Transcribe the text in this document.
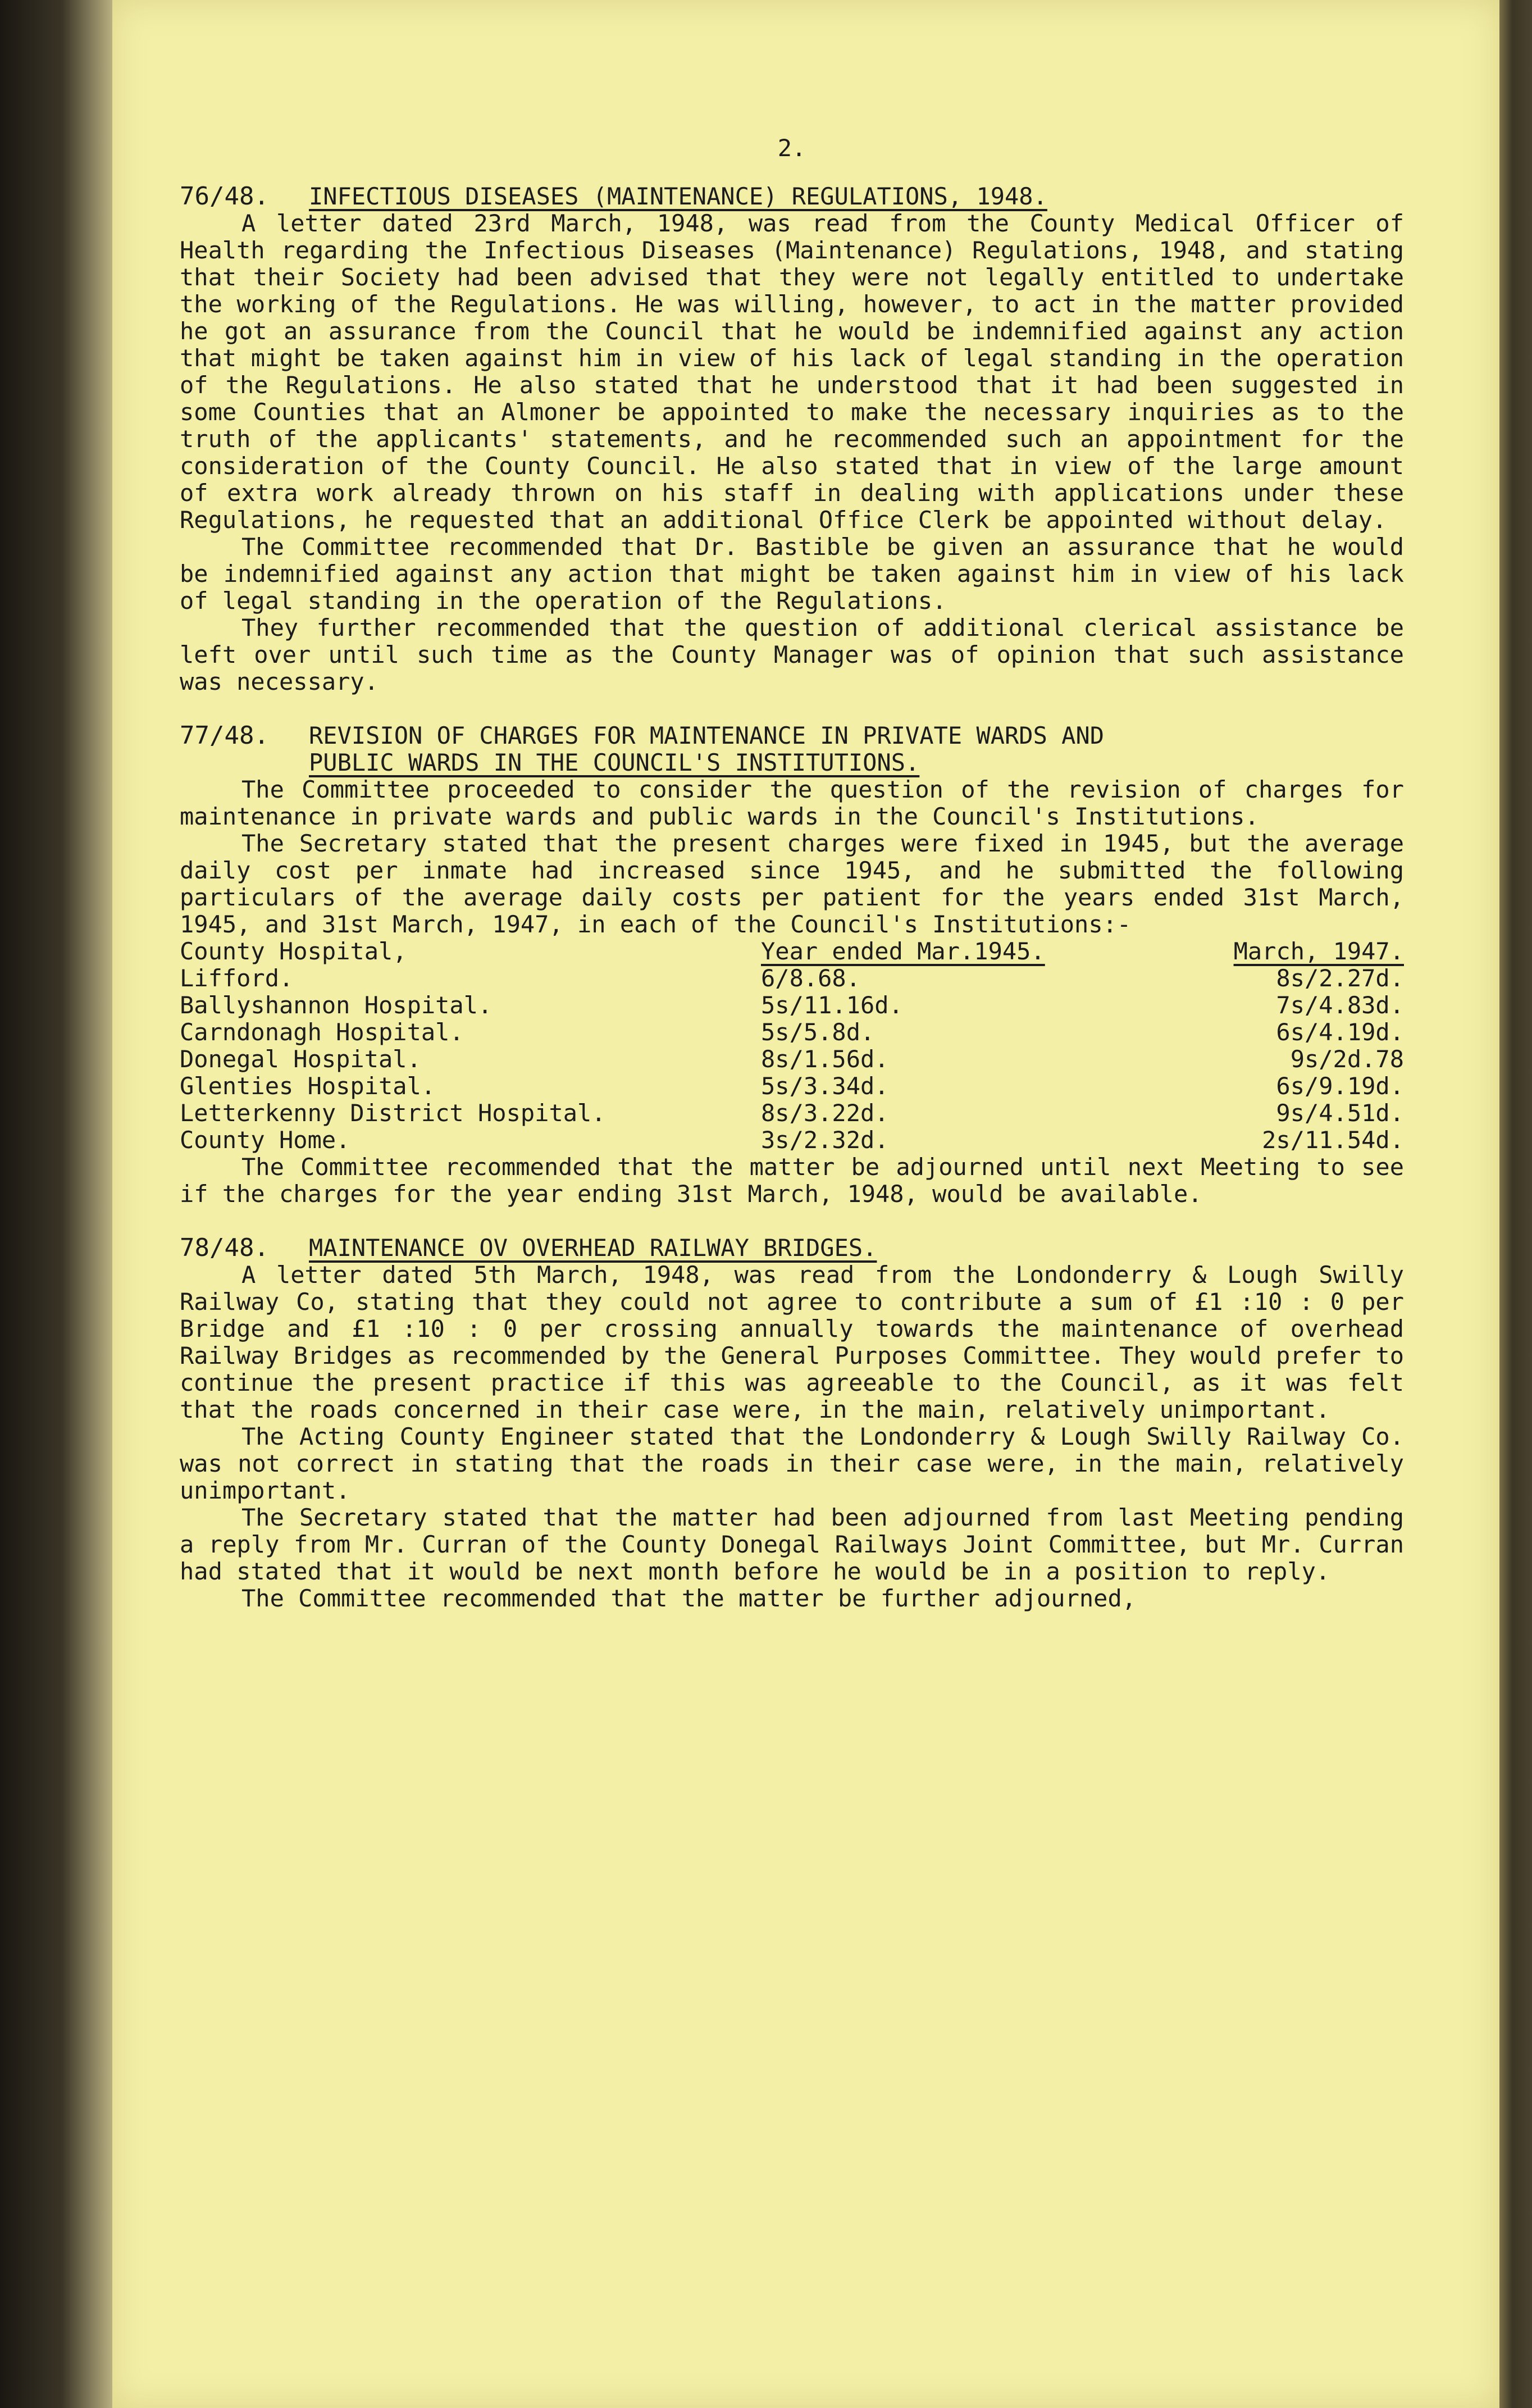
2.
76/48.	INFECTIOUS DISEASES (MAINTENANCE) REGULATIONS, 1948.

A letter dated 23rd March, 1948, was read from the County Medical Officer of Health regarding the Infectious Diseases (Maintenance) Regulations, 1948, and stating that their Society had been advised that they were not legally entitled to undertake the working of the Regulations. He was willing, however, to act in the matter provided he got an assurance from the Council that he would be indemnified against any action that might be taken against him in view of his lack of legal standing in the operation of the Regulations. He also stated that he understood that it had been suggested in some Counties that an Almoner be appointed to make the necessary inquiries as to the truth of the applicants' statements, and he recommended such an appointment for the consideration of the County Council. He also stated that in view of the large amount of extra work already thrown on his staff in dealing with applications under these Regulations, he requested that an additional Office Clerk be appointed without delay.

The Committee recommended that Dr. Bastible be given an assurance that he would be indemnified against any action that might be taken against him in view of his lack of legal standing in the operation of the Regulations.

They further recommended that the question of additional clerical assistance be left over until such time as the County Manager was of opinion that such assistance was necessary.

77/48.	REVISION OF CHARGES FOR MAINTENANCE IN PRIVATE WARDS AND
PUBLIC WARDS IN THE COUNCIL'S INSTITUTIONS.

The Committee proceeded to consider the question of the revision of charges for maintenance in private wards and public wards in the Council's Institutions.

The Secretary stated that the present charges were fixed in 1945, but the average daily cost per inmate had increased since 1945, and he submitted the following particulars of the average daily costs per patient for the years ended 31st March, 1945, and 31st March, 1947, in each of the Council's Institutions:-

County Hospital,	Year ended Mar.1945.	March, 1947.
Lifford.	6/8.68.	8s/2.27d.
Ballyshannon Hospital.	5s/11.16d.	7s/4.83d.
Carndonagh Hospital.	5s/5.8d.	6s/4.19d.
Donegal Hospital.	8s/1.56d.	9s/2d.78
Glenties Hospital.	5s/3.34d.	6s/9.19d.
Letterkenny District Hospital.	8s/3.22d.	9s/4.51d.
County Home.	3s/2.32d.	2s/11.54d.

The Committee recommended that the matter be adjourned until next Meeting to see if the charges for the year ending 31st March, 1948, would be available.

78/48.	MAINTENANCE OV OVERHEAD RAILWAY BRIDGES.

A letter dated 5th March, 1948, was read from the Londonderry & Lough Swilly Railway Co, stating that they could not agree to contribute a sum of £1 :10 : 0 per Bridge and £1 :10 : 0 per crossing annually towards the maintenance of overhead Railway Bridges as recommended by the General Purposes Committee. They would prefer to continue the present practice if this was agreeable to the Council, as it was felt that the roads concerned in their case were, in the main, relatively unimportant.

The Acting County Engineer stated that the Londonderry & Lough Swilly Railway Co. was not correct in stating that the roads in their case were, in the main, relatively unimportant.

The Secretary stated that the matter had been adjourned from last Meeting pending a reply from Mr. Curran of the County Donegal Railways Joint Committee, but Mr. Curran had stated that it would be next month before he would be in a position to reply.

The Committee recommended that the matter be further adjourned,
